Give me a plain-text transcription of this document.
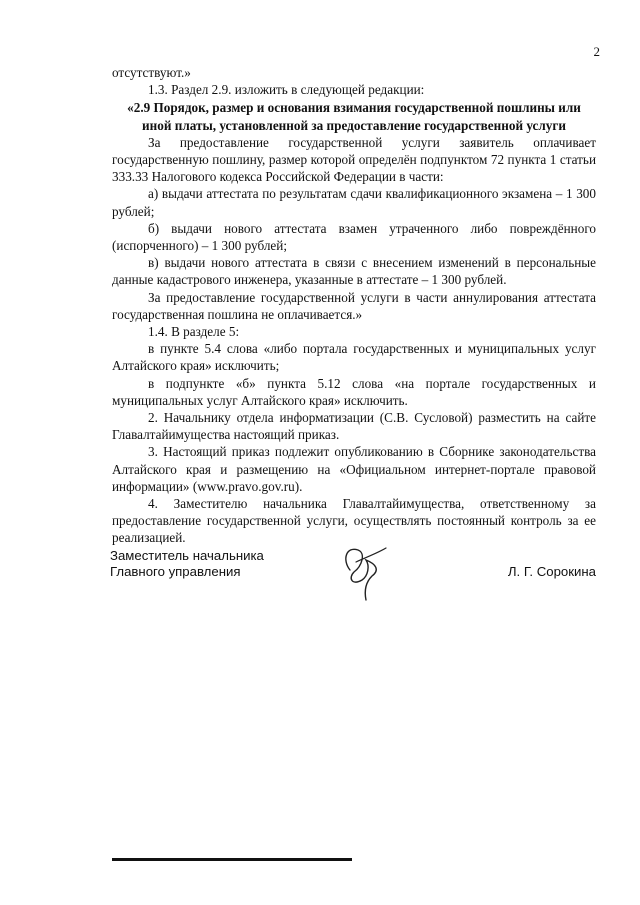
2

отсутствуют.»

1.3. Раздел 2.9. изложить в следующей редакции:

«2.9 Порядок, размер и основания взимания государственной пошлины или иной платы, установленной за предоставление государственной услуги

За предоставление государственной услуги заявитель оплачивает государственную пошлину, размер которой определён подпунктом 72 пункта 1 статьи 333.33 Налогового кодекса Российской Федерации в части:

а) выдачи аттестата по результатам сдачи квалификационного экзамена – 1 300 рублей;

б) выдачи нового аттестата взамен утраченного либо повреждённого (испорченного) – 1 300 рублей;

в) выдачи нового аттестата в связи с внесением изменений в персональные данные кадастрового инженера, указанные в аттестате – 1 300 рублей.

За предоставление государственной услуги в части аннулирования аттестата государственная пошлина не оплачивается.»

1.4. В разделе 5:

в пункте 5.4 слова «либо портала государственных и муниципальных услуг Алтайского края» исключить;

в подпункте «б» пункта 5.12 слова «на портале государственных и муниципальных услуг Алтайского края» исключить.

2. Начальнику отдела информатизации (С.В. Сусловой) разместить на сайте Главалтайимущества настоящий приказ.

3. Настоящий приказ подлежит опубликованию в Сборнике законодательства Алтайского края и размещению на «Официальном интернет-портале правовой информации» (www.pravo.gov.ru).

4. Заместителю начальника Главалтайимущества, ответственному за предоставление государственной услуги, осуществлять постоянный контроль за ее реализацией.

Заместитель начальника
Главного управления	Л. Г. Сорокина
